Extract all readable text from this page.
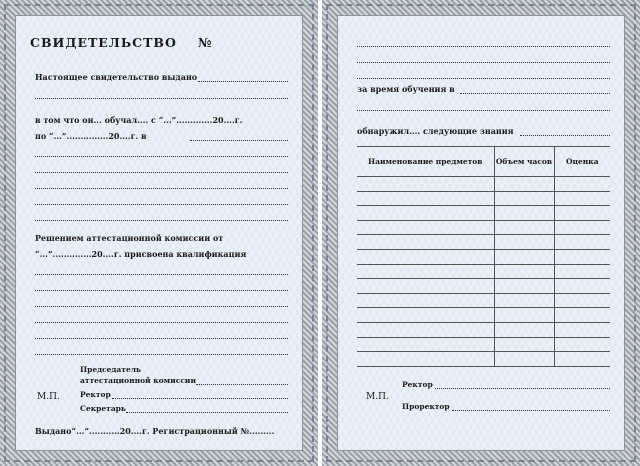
СВИДЕТЕЛЬСТВО №
Настоящее свидетельство выдано
в том что он... обучал.... с “...”.............20....г.
по “...”...............20....г. в
Решением аттестационной комиссии от
“...”..............20....г. присвоена квалификация
Председатель
аттестационной комиссии
Ректор
М.П.
Секретарь
Выдано“...”...........20....г. Регистрационный №.........
за время обучения в
обнаружил.... следующие знания
Наименование предметов	Объем часов	Оценка

Ректор
М.П.
Проректор
